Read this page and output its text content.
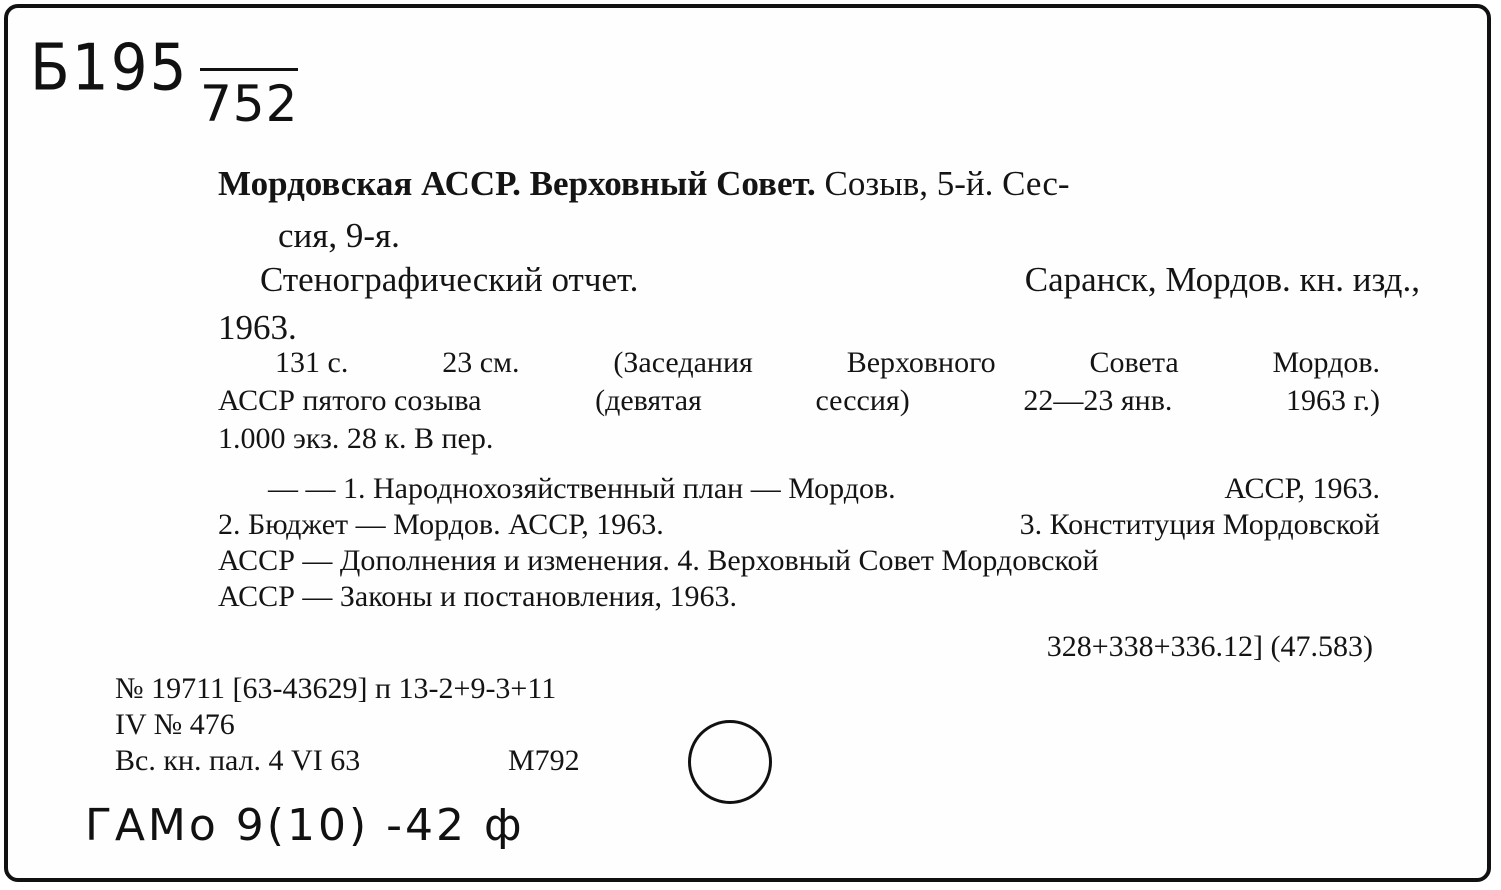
Б195 752
Мордовская АССР. Верховный Совет. Созыв, 5-й. Сес-
сия, 9-я.
Стенографический отчет.	Саранск, Мордов. кн. изд.,
1963.
131 с.	23 см.	(Заседания	Верховного	Совета	Мордов.
АССР пятого созыва	(девятая	сессия)	22—23 янв.	1963 г.)
1.000 экз. 28 к. В пер.
— — 1. Народнохозяйственный план — Мордов.	АССР, 1963.
2. Бюджет — Мордов. АССР, 1963.	3. Конституция Мордовской
АССР — Дополнения и изменения. 4. Верховный Совет Мордовской
АССР — Законы и постановления, 1963.
328+338+336.12] (47.583)
№ 19711 [63-43629] п 13-2+9-3+11
IV № 476
Вс. кн. пал. 4 VI 63	М792
ГАМо 9(10) -42 ф
